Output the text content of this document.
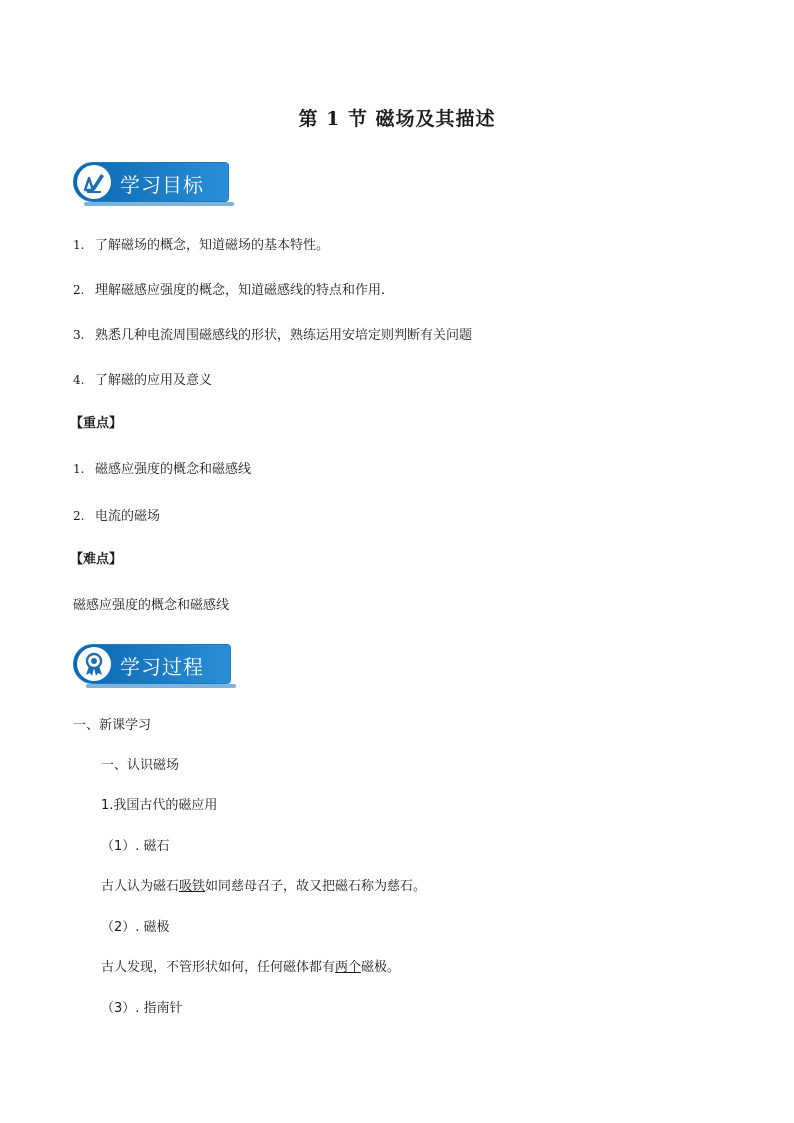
第 1 节 磁场及其描述
学习目标
1. 了解磁场的概念，知道磁场的基本特性。
2. 理解磁感应强度的概念，知道磁感线的特点和作用.
3. 熟悉几种电流周围磁感线的形状，熟练运用安培定则判断有关问题
4. 了解磁的应用及意义
【重点】
1. 磁感应强度的概念和磁感线
2. 电流的磁场
【难点】
磁感应强度的概念和磁感线
学习过程
一、新课学习
一、认识磁场
1.我国古代的磁应用
（1）. 磁石
古人认为磁石吸铁如同慈母召子，故又把磁石称为慈石。
（2）. 磁极
古人发现，不管形状如何，任何磁体都有两个磁极。
（3）. 指南针
